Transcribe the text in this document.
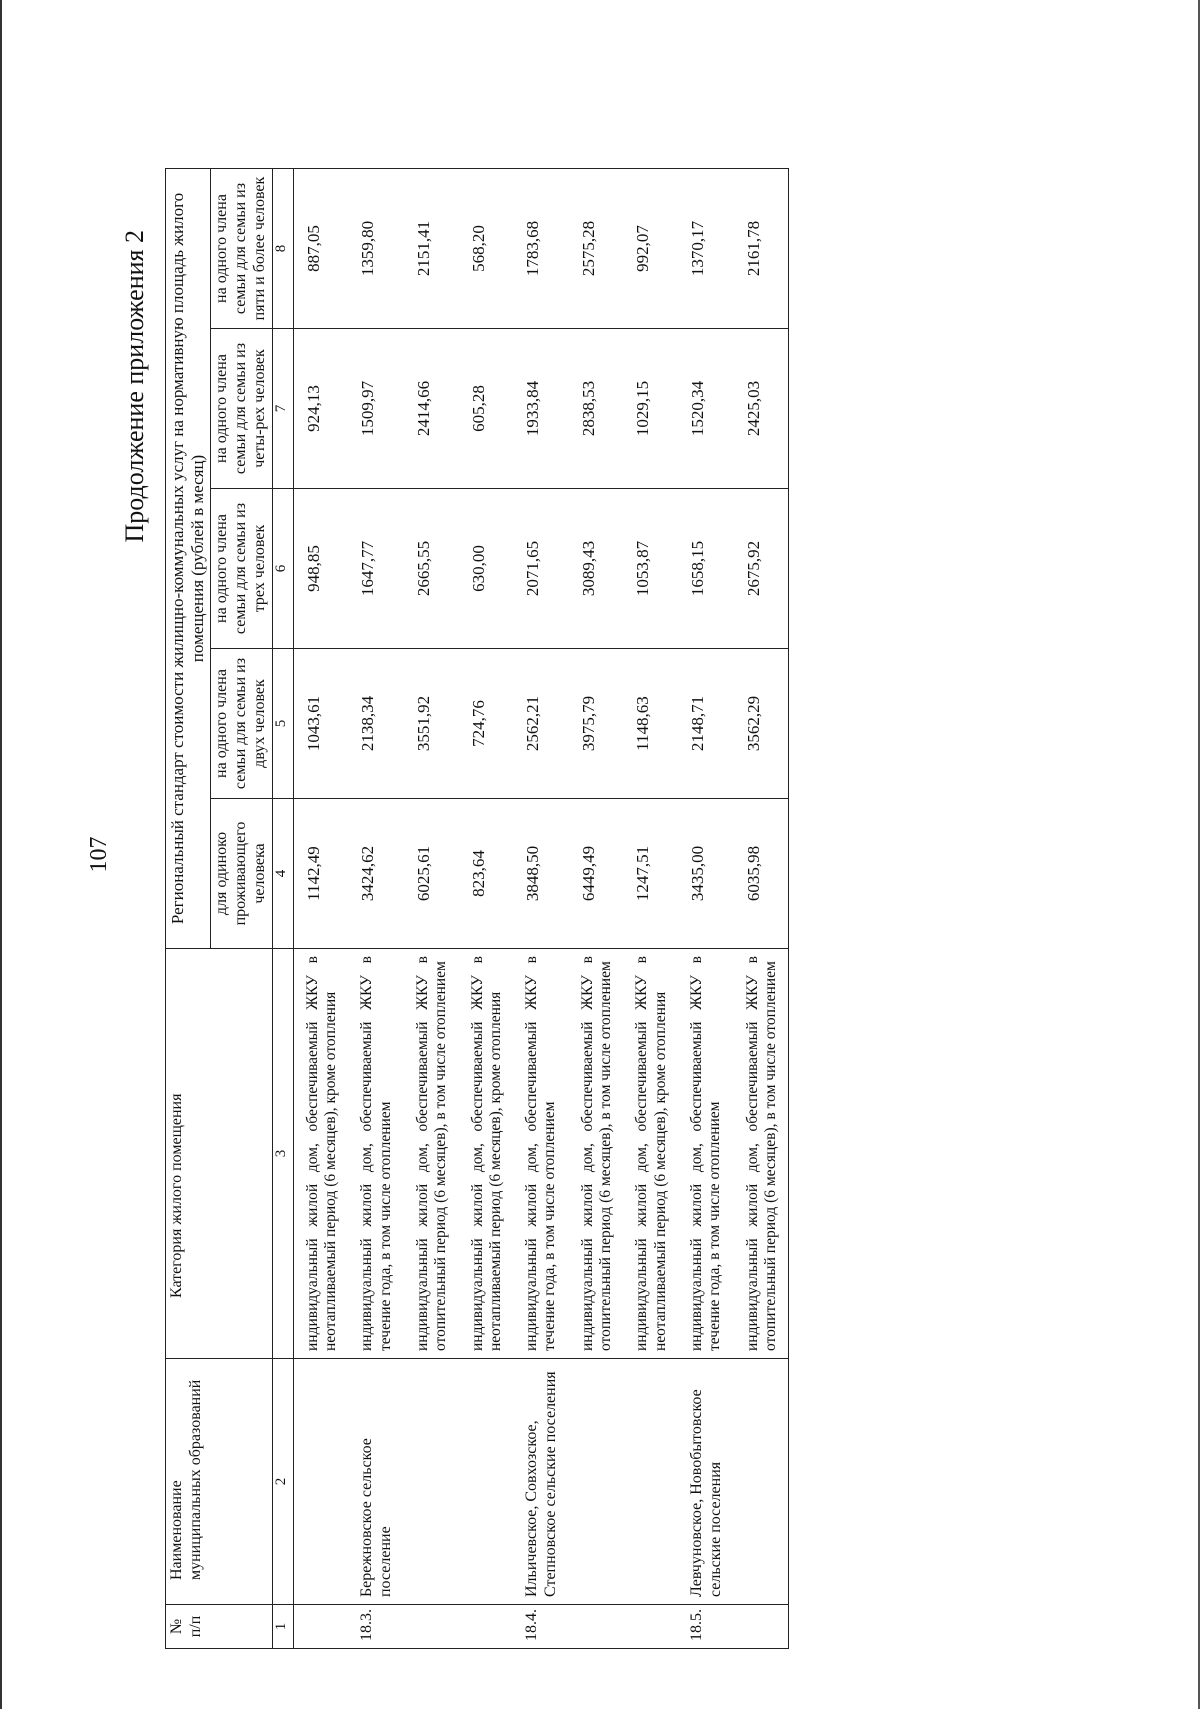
107
Продолжение приложения 2
№ п/п	Наименование муниципальных образований	Категория жилого помещения	Региональный стандарт стоимости жилищно-коммунальных услуг на нормативную площадь жилого помещения (рублей в месяц)				
			для одиноко проживающего человека	на одного члена семьи для семьи из двух человек	на одного члена семьи для семьи из трех человек	на одного члена семьи для семьи из четы-рех человек	на одного члена семьи для семьи из пяти и более человек
1	2	3	4	5	6	7	8
		индивидуальный жилой дом, обеспечиваемый ЖКУ в неотапливаемый период (6 месяцев), кроме отопления	1142,49	1043,61	948,85	924,13	887,05
18.3.	Бережновское сельское поселение	индивидуальный жилой дом, обеспечиваемый ЖКУ в течение года, в том числе отоплением	3424,62	2138,34	1647,77	1509,97	1359,80
		индивидуальный жилой дом, обеспечиваемый ЖКУ в отопительный период (6 месяцев), в том числе отоплением	6025,61	3551,92	2665,55	2414,66	2151,41
		индивидуальный жилой дом, обеспечиваемый ЖКУ в неотапливаемый период (6 месяцев), кроме отопления	823,64	724,76	630,00	605,28	568,20
18.4.	Ильичевское, Совхозское, Степновское сельские поселения	индивидуальный жилой дом, обеспечиваемый ЖКУ в течение года, в том числе отоплением	3848,50	2562,21	2071,65	1933,84	1783,68
		индивидуальный жилой дом, обеспечиваемый ЖКУ в отопительный период (6 месяцев), в том числе отоплением	6449,49	3975,79	3089,43	2838,53	2575,28
		индивидуальный жилой дом, обеспечиваемый ЖКУ в неотапливаемый период (6 месяцев), кроме отопления	1247,51	1148,63	1053,87	1029,15	992,07
18.5.	Левчуновское, Новобытовское сельские поселения	индивидуальный жилой дом, обеспечиваемый ЖКУ в течение года, в том числе отоплением	3435,00	2148,71	1658,15	1520,34	1370,17
		индивидуальный жилой дом, обеспечиваемый ЖКУ в отопительный период (6 месяцев), в том числе отоплением	6035,98	3562,29	2675,92	2425,03	2161,78
